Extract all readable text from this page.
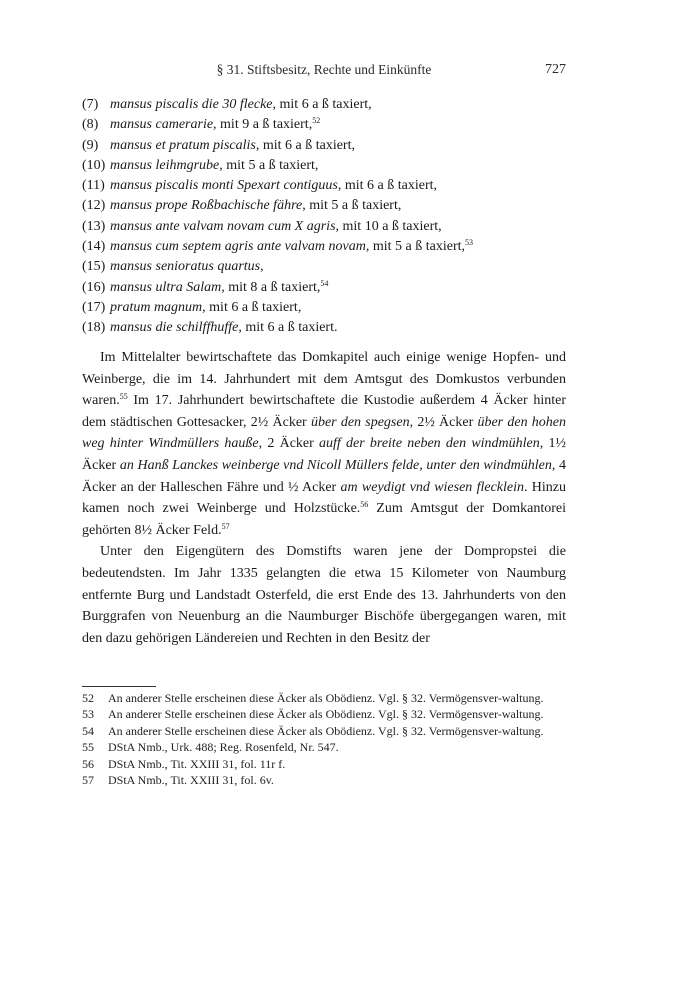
§ 31. Stiftsbesitz, Rechte und Einkünfte	727
(7) mansus piscalis die 30 flecke, mit 6 a ß taxiert,
(8) mansus camerarie, mit 9 a ß taxiert,$^{52}$
(9) mansus et pratum piscalis, mit 6 a ß taxiert,
(10) mansus leihmgrube, mit 5 a ß taxiert,
(11) mansus piscalis monti Spexart contiguus, mit 6 a ß taxiert,
(12) mansus prope Roßbachische fähre, mit 5 a ß taxiert,
(13) mansus ante valvam novam cum X agris, mit 10 a ß taxiert,
(14) mansus cum septem agris ante valvam novam, mit 5 a ß taxiert,$^{53}$
(15) mansus senioratus quartus,
(16) mansus ultra Salam, mit 8 a ß taxiert,$^{54}$
(17) pratum magnum, mit 6 a ß taxiert,
(18) mansus die schilffhuffe, mit 6 a ß taxiert.

Im Mittelalter bewirtschaftete das Domkapitel auch einige wenige Hopfen- und Weinberge, die im 14. Jahrhundert mit dem Amtsgut des Domkustos verbunden waren.$^{55}$ Im 17. Jahrhundert bewirtschaftete die Kustodie außerdem 4 Äcker hinter dem städtischen Gottesacker, 2½ Äcker über den spegsen, 2½ Äcker über den hohen weg hinter Windmüllers hauße, 2 Äcker auff der breite neben den windmühlen, 1½ Äcker an Hanß Lanckes weinberge vnd Nicoll Müllers felde, unter den windmühlen, 4 Äcker an der Halleschen Fähre und ½ Acker am weydigt vnd wiesen flecklein. Hinzu kamen noch zwei Weinberge und Holzstücke.$^{56}$ Zum Amtsgut der Domkantorei gehörten 8½ Äcker Feld.$^{57}$

Unter den Eigengütern des Domstifts waren jene der Dompropstei die bedeutendsten. Im Jahr 1335 gelangten die etwa 15 Kilometer von Naumburg entfernte Burg und Landstadt Osterfeld, die erst Ende des 13. Jahrhunderts von den Burggrafen von Neuenburg an die Naumburger Bischöfe übergegangen waren, mit den dazu gehörigen Ländereien und Rechten in den Besitz der

52	An anderer Stelle erscheinen diese Äcker als Obödienz. Vgl. § 32. Vermögensver-waltung.
53	An anderer Stelle erscheinen diese Äcker als Obödienz. Vgl. § 32. Vermögensver-waltung.
54	An anderer Stelle erscheinen diese Äcker als Obödienz. Vgl. § 32. Vermögensver-waltung.
55	DStA Nmb., Urk. 488; Reg. Rosenfeld, Nr. 547.
56	DStA Nmb., Tit. XXIII 31, fol. 11r f.
57	DStA Nmb., Tit. XXIII 31, fol. 6v.
